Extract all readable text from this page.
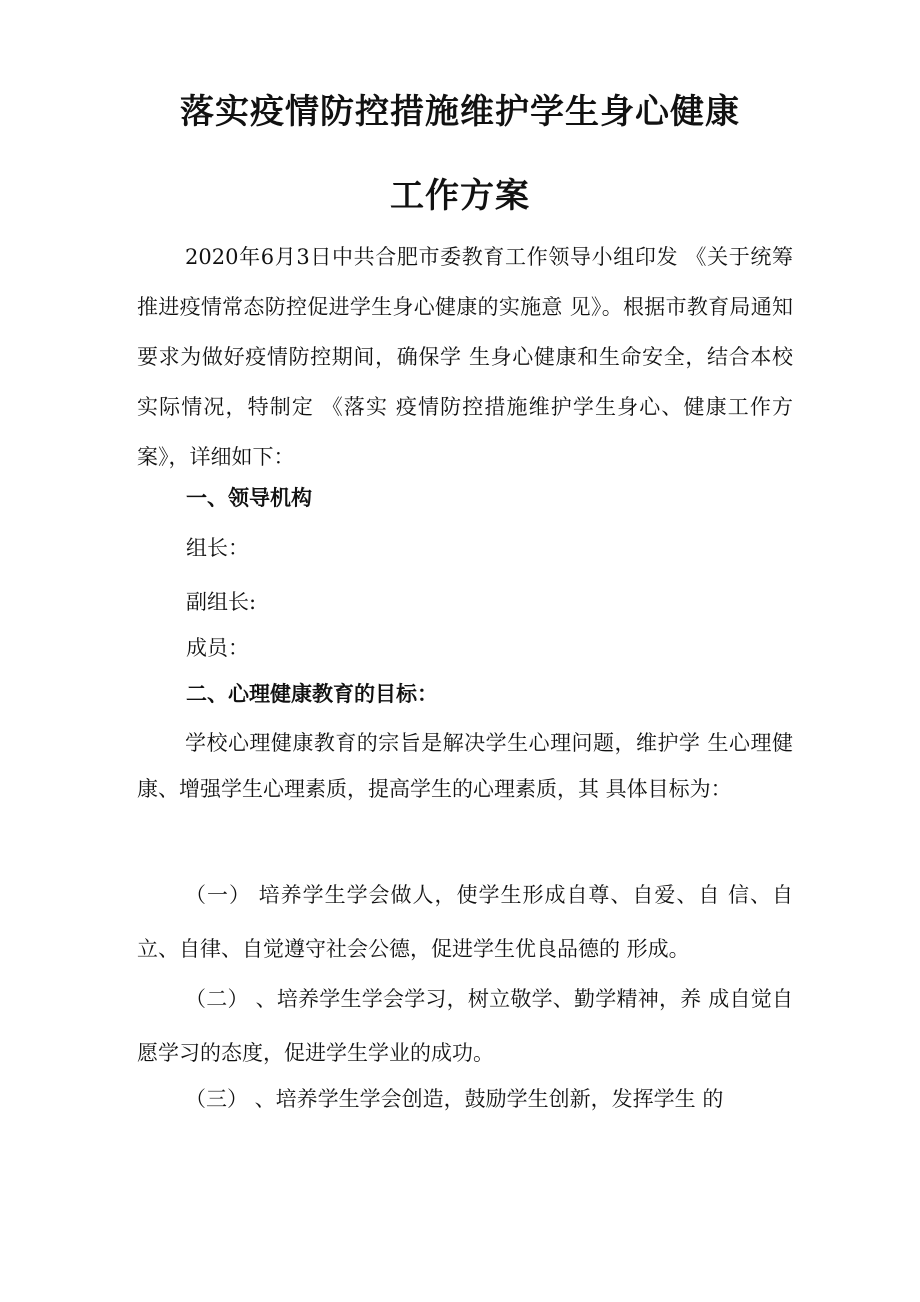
落实疫情防控措施维护学生身心健康
工作方案
2020年6月3日中共合肥市委教育工作领导小组印发 《关于统筹推进疫情常态防控促进学生身心健康的实施意 见》。根据市教育局通知要求为做好疫情防控期间，确保学 生身心健康和生命安全，结合本校实际情况，特制定 《落实 疫情防控措施维护学生身心、健康工作方案》，详细如下：
一、领导机构
组长：
副组长:
成员：
二、心理健康教育的目标：
学校心理健康教育的宗旨是解决学生心理问题，维护学 生心理健康、增强学生心理素质，提高学生的心理素质，其 具体目标为：
（一） 培养学生学会做人，使学生形成自尊、自爱、自 信、自立、自律、自觉遵守社会公德，促进学生优良品德的 形成。
（二） 、培养学生学会学习，树立敬学、勤学精神，养 成自觉自愿学习的态度，促进学生学业的成功。
（三） 、培养学生学会创造，鼓励学生创新，发挥学生 的
